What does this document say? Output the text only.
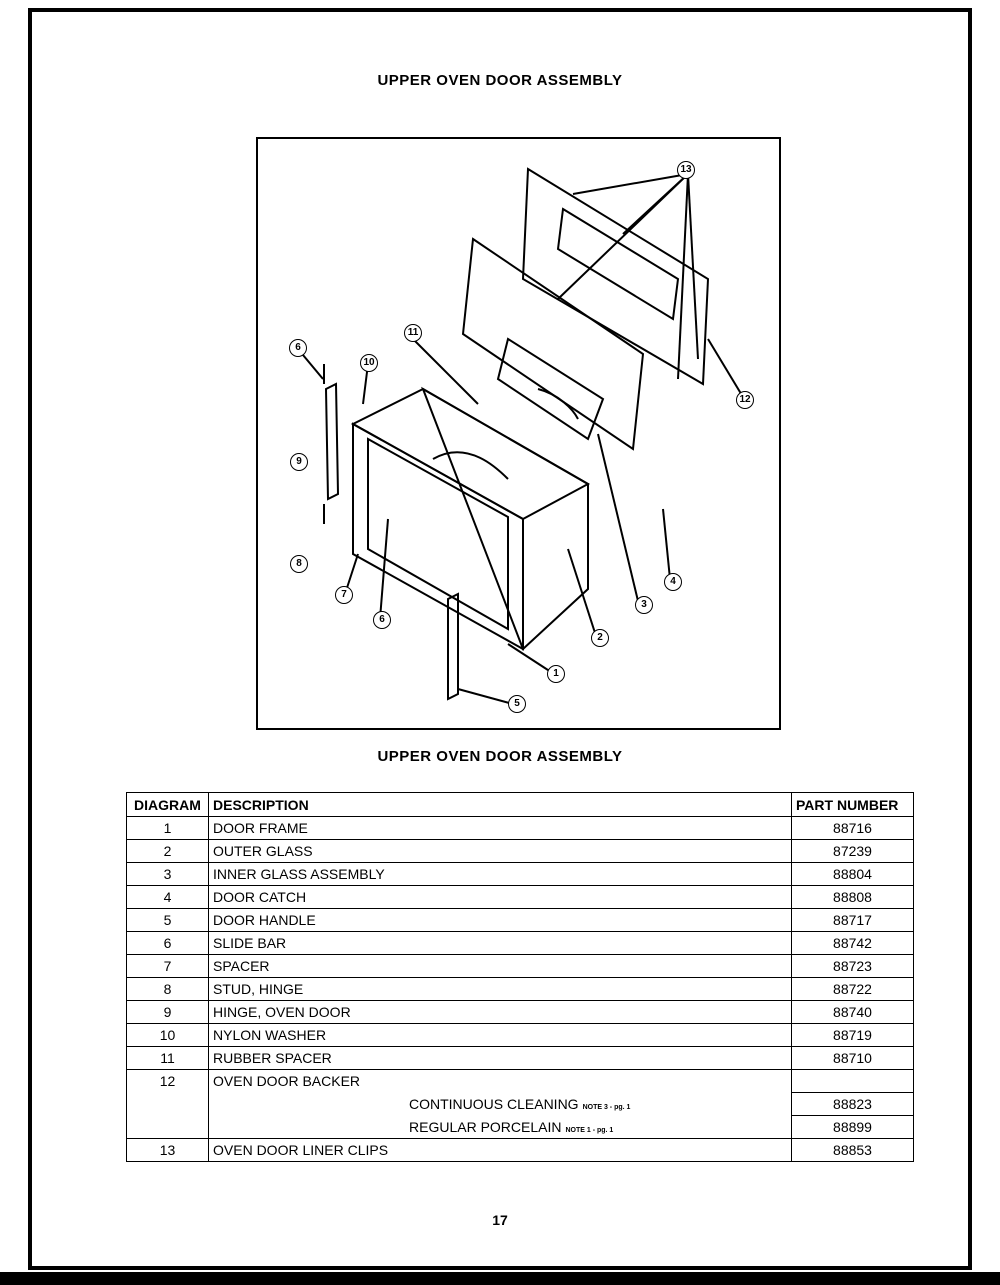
UPPER OVEN DOOR ASSEMBLY
13
12
11
10
6
9
8
7
6
3
4
2
1
5
UPPER OVEN DOOR ASSEMBLY
DIAGRAM	DESCRIPTION	PART NUMBER
1	DOOR FRAME	88716
2	OUTER GLASS	87239
3	INNER GLASS ASSEMBLY	88804
4	DOOR CATCH	88808
5	DOOR HANDLE	88717
6	SLIDE BAR	88742
7	SPACER	88723
8	STUD, HINGE	88722
9	HINGE, OVEN DOOR	88740
10	NYLON WASHER	88719
11	RUBBER SPACER	88710
12	OVEN DOOR BACKER	

	CONTINUOUS CLEANING NOTE 3 - pg. 1	88823

	REGULAR PORCELAIN NOTE 1 - pg. 1	88899
13	OVEN DOOR LINER CLIPS	88853
17
